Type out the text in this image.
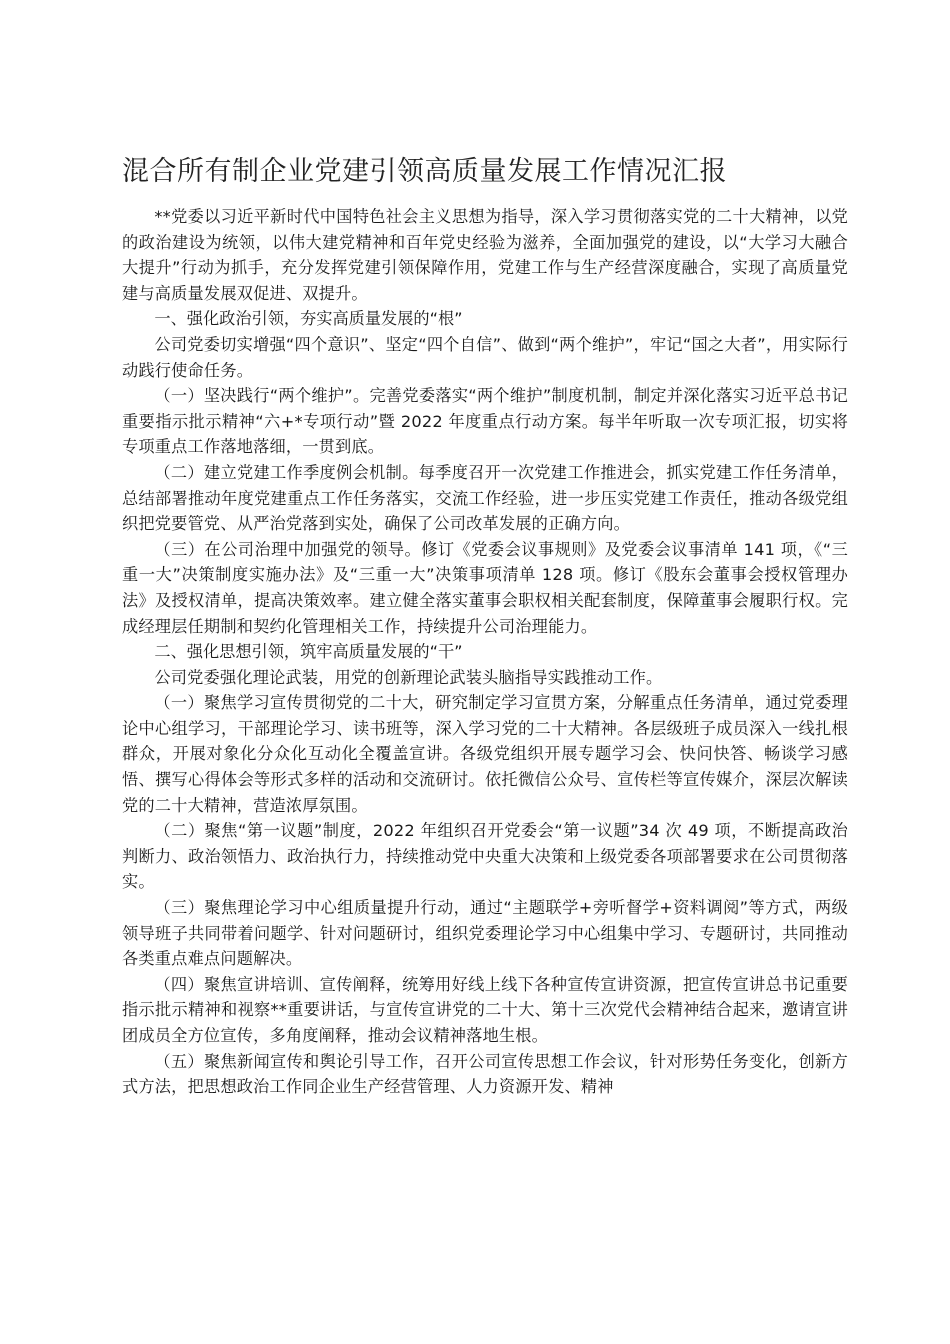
混合所有制企业党建引领高质量发展工作情况汇报

**党委以习近平新时代中国特色社会主义思想为指导，深入学习贯彻落实党的二十大精神，以党的政治建设为统领，以伟大建党精神和百年党史经验为滋养，全面加强党的建设，以“大学习大融合大提升”行动为抓手，充分发挥党建引领保障作用，党建工作与生产经营深度融合，实现了高质量党建与高质量发展双促进、双提升。

一、强化政治引领，夯实高质量发展的“根”

公司党委切实增强“四个意识”、坚定“四个自信”、做到“两个维护”，牢记“国之大者”，用实际行动践行使命任务。

（一）坚决践行“两个维护”。完善党委落实“两个维护”制度机制，制定并深化落实习近平总书记重要指示批示精神“六+*专项行动”暨 2022 年度重点行动方案。每半年听取一次专项汇报，切实将专项重点工作落地落细，一贯到底。

（二）建立党建工作季度例会机制。每季度召开一次党建工作推进会，抓实党建工作任务清单，总结部署推动年度党建重点工作任务落实，交流工作经验，进一步压实党建工作责任，推动各级党组织把党要管党、从严治党落到实处，确保了公司改革发展的正确方向。

（三）在公司治理中加强党的领导。修订《党委会议事规则》及党委会议事清单 141 项，《“三重一大”决策制度实施办法》及“三重一大”决策事项清单 128 项。修订《股东会董事会授权管理办法》及授权清单，提高决策效率。建立健全落实董事会职权相关配套制度，保障董事会履职行权。完成经理层任期制和契约化管理相关工作，持续提升公司治理能力。

二、强化思想引领，筑牢高质量发展的“干”

公司党委强化理论武装，用党的创新理论武装头脑指导实践推动工作。

（一）聚焦学习宣传贯彻党的二十大，研究制定学习宣贯方案，分解重点任务清单，通过党委理论中心组学习，干部理论学习、读书班等，深入学习党的二十大精神。各层级班子成员深入一线扎根群众，开展对象化分众化互动化全覆盖宣讲。各级党组织开展专题学习会、快问快答、畅谈学习感悟、撰写心得体会等形式多样的活动和交流研讨。依托微信公众号、宣传栏等宣传媒介，深层次解读党的二十大精神，营造浓厚氛围。

（二）聚焦“第一议题”制度，2022 年组织召开党委会“第一议题”34 次 49 项，不断提高政治判断力、政治领悟力、政治执行力，持续推动党中央重大决策和上级党委各项部署要求在公司贯彻落实。

（三）聚焦理论学习中心组质量提升行动，通过“主题联学+旁听督学+资料调阅”等方式，两级领导班子共同带着问题学、针对问题研讨，组织党委理论学习中心组集中学习、专题研讨，共同推动各类重点难点问题解决。

（四）聚焦宣讲培训、宣传阐释，统筹用好线上线下各种宣传宣讲资源，把宣传宣讲总书记重要指示批示精神和视察**重要讲话，与宣传宣讲党的二十大、第十三次党代会精神结合起来，邀请宣讲团成员全方位宣传，多角度阐释，推动会议精神落地生根。

（五）聚焦新闻宣传和舆论引导工作，召开公司宣传思想工作会议，针对形势任务变化，创新方式方法，把思想政治工作同企业生产经营管理、人力资源开发、精神
